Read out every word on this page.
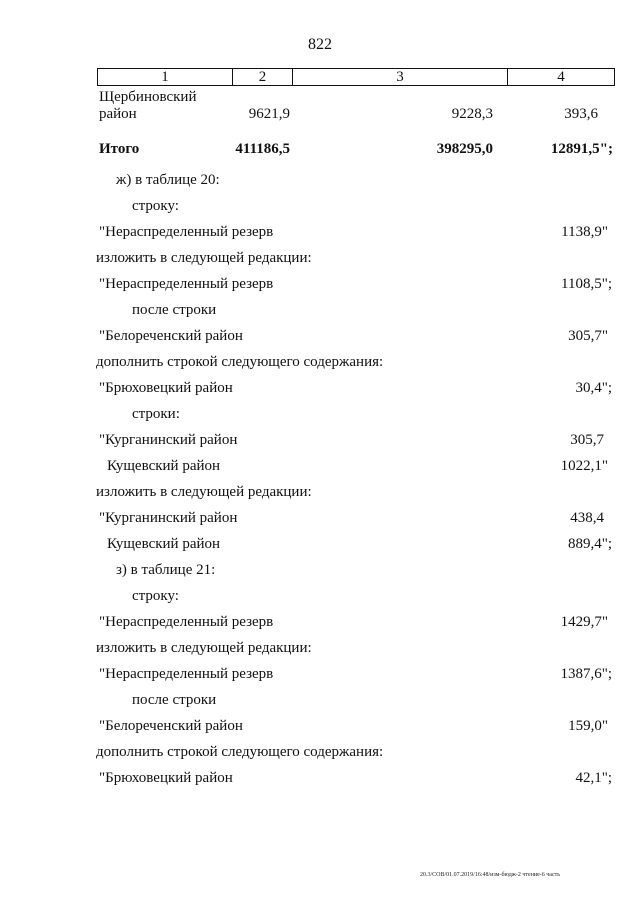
822
1	2	3	4
Щербиновский
район	9621,9	9228,3	393,6
Итого	411186,5	398295,0	12891,5";
ж) в таблице 20:
строку:
"Нераспределенный резерв	1138,9"
изложить в следующей редакции:
"Нераспределенный резерв	1108,5";
после строки
"Белореченский район	305,7"
дополнить строкой следующего содержания:
"Брюховецкий район	30,4";
строки:
"Курганинский район	305,7
Кущевский район	1022,1"
изложить в следующей редакции:
"Курганинский район	438,4
Кущевский район	889,4";
з) в таблице 21:
строку:
"Нераспределенный резерв	1429,7"
изложить в следующей редакции:
"Нераспределенный резерв	1387,6";
после строки
"Белореченский район	159,0"
дополнить строкой следующего содержания:
"Брюховецкий район	42,1";
20.3/СОВ/01.07.2019/16:48/изм-бюдж-2 чтение-6 часть
